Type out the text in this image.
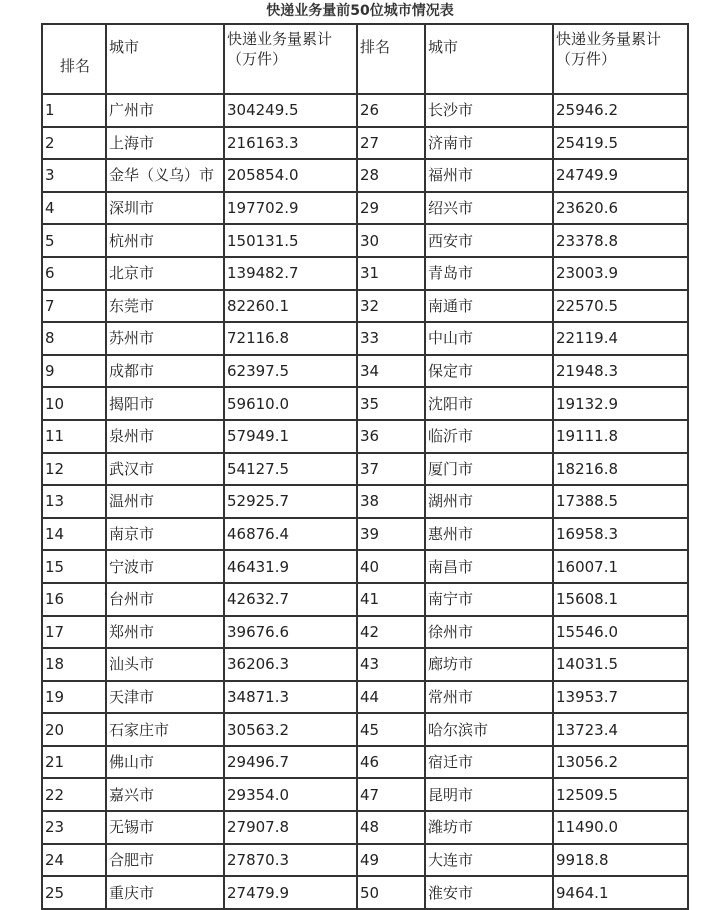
快递业务量前50位城市情况表
排名	城市	快递业务量累计（万件）	排名	城市	快递业务量累计（万件）
1	广州市	304249.5	26	长沙市	25946.2
2	上海市	216163.3	27	济南市	25419.5
3	金华（义乌）市	205854.0	28	福州市	24749.9
4	深圳市	197702.9	29	绍兴市	23620.6
5	杭州市	150131.5	30	西安市	23378.8
6	北京市	139482.7	31	青岛市	23003.9
7	东莞市	82260.1	32	南通市	22570.5
8	苏州市	72116.8	33	中山市	22119.4
9	成都市	62397.5	34	保定市	21948.3
10	揭阳市	59610.0	35	沈阳市	19132.9
11	泉州市	57949.1	36	临沂市	19111.8
12	武汉市	54127.5	37	厦门市	18216.8
13	温州市	52925.7	38	湖州市	17388.5
14	南京市	46876.4	39	惠州市	16958.3
15	宁波市	46431.9	40	南昌市	16007.1
16	台州市	42632.7	41	南宁市	15608.1
17	郑州市	39676.6	42	徐州市	15546.0
18	汕头市	36206.3	43	廊坊市	14031.5
19	天津市	34871.3	44	常州市	13953.7
20	石家庄市	30563.2	45	哈尔滨市	13723.4
21	佛山市	29496.7	46	宿迁市	13056.2
22	嘉兴市	29354.0	47	昆明市	12509.5
23	无锡市	27907.8	48	潍坊市	11490.0
24	合肥市	27870.3	49	大连市	9918.8
25	重庆市	27479.9	50	淮安市	9464.1
